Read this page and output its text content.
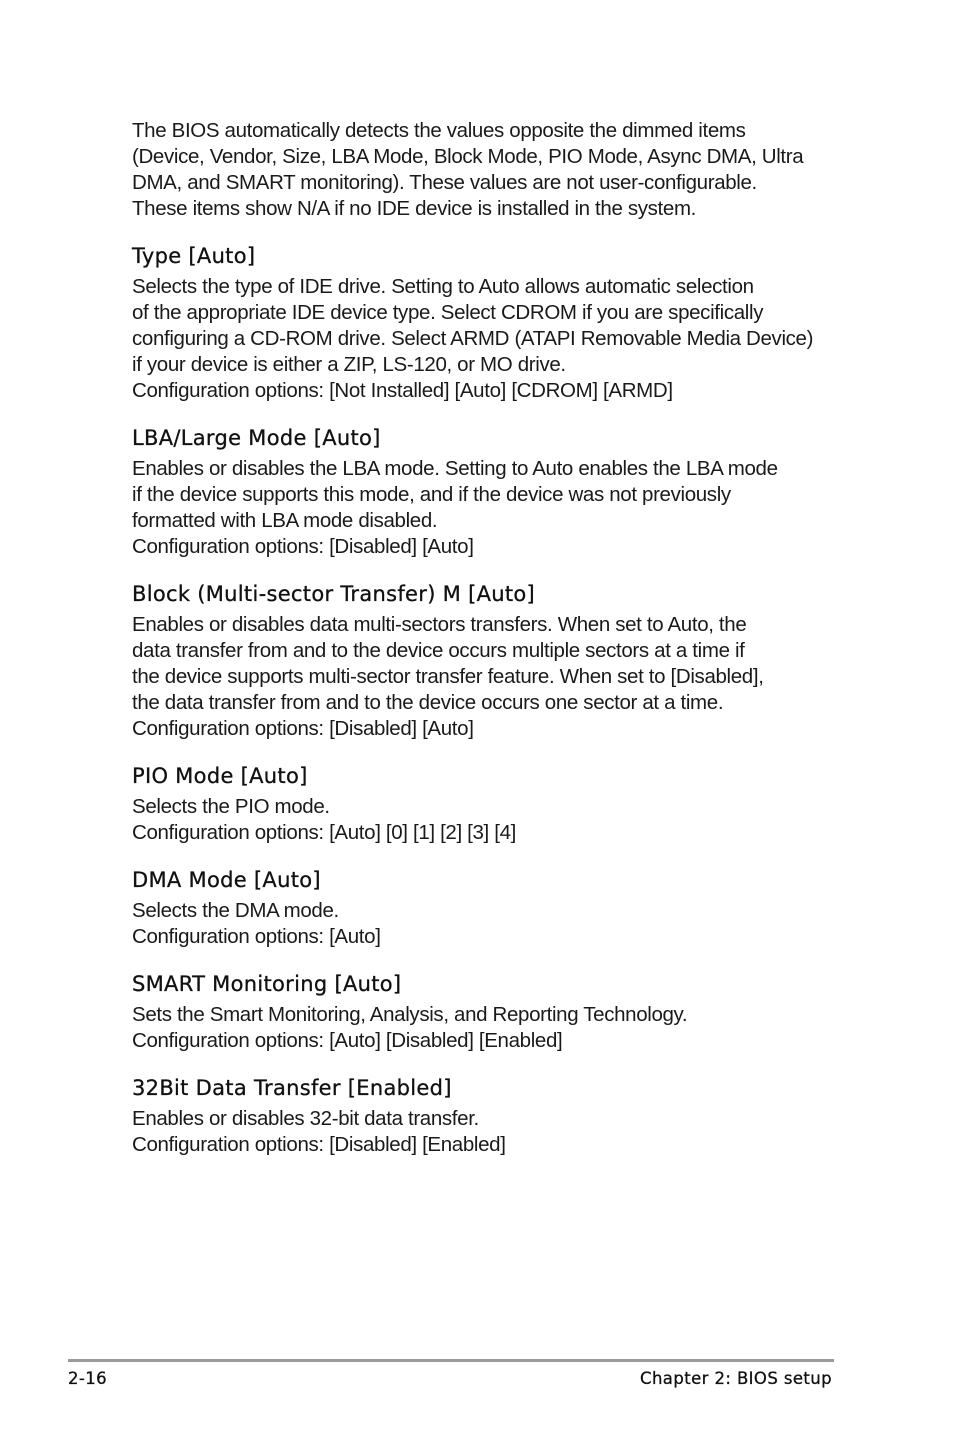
The BIOS automatically detects the values opposite the dimmed items

(Device, Vendor, Size, LBA Mode, Block Mode, PIO Mode, Async DMA, Ultra

DMA, and SMART monitoring). These values are not user-configurable.

These items show N/A if no IDE device is installed in the system.

Type [Auto]

Selects the type of IDE drive. Setting to Auto allows automatic selection

of the appropriate IDE device type. Select CDROM if you are specifically

configuring a CD-ROM drive. Select ARMD (ATAPI Removable Media Device)

if your device is either a ZIP, LS-120, or MO drive.

Configuration options: [Not Installed] [Auto] [CDROM] [ARMD]

LBA/Large Mode [Auto]

Enables or disables the LBA mode. Setting to Auto enables the LBA mode

if the device supports this mode, and if the device was not previously

formatted with LBA mode disabled.

Configuration options: [Disabled] [Auto]

Block (Multi-sector Transfer) M [Auto]

Enables or disables data multi-sectors transfers. When set to Auto, the

data transfer from and to the device occurs multiple sectors at a time if

the device supports multi-sector transfer feature. When set to [Disabled],

the data transfer from and to the device occurs one sector at a time.

Configuration options: [Disabled] [Auto]

PIO Mode [Auto]

Selects the PIO mode.

Configuration options: [Auto] [0] [1] [2] [3] [4]

DMA Mode [Auto]

Selects the DMA mode.

Configuration options: [Auto]

SMART Monitoring [Auto]

Sets the Smart Monitoring, Analysis, and Reporting Technology.

Configuration options: [Auto] [Disabled] [Enabled]

32Bit Data Transfer [Enabled]

Enables or disables 32-bit data transfer.

Configuration options: [Disabled] [Enabled]

2-16	Chapter 2: BIOS setup
